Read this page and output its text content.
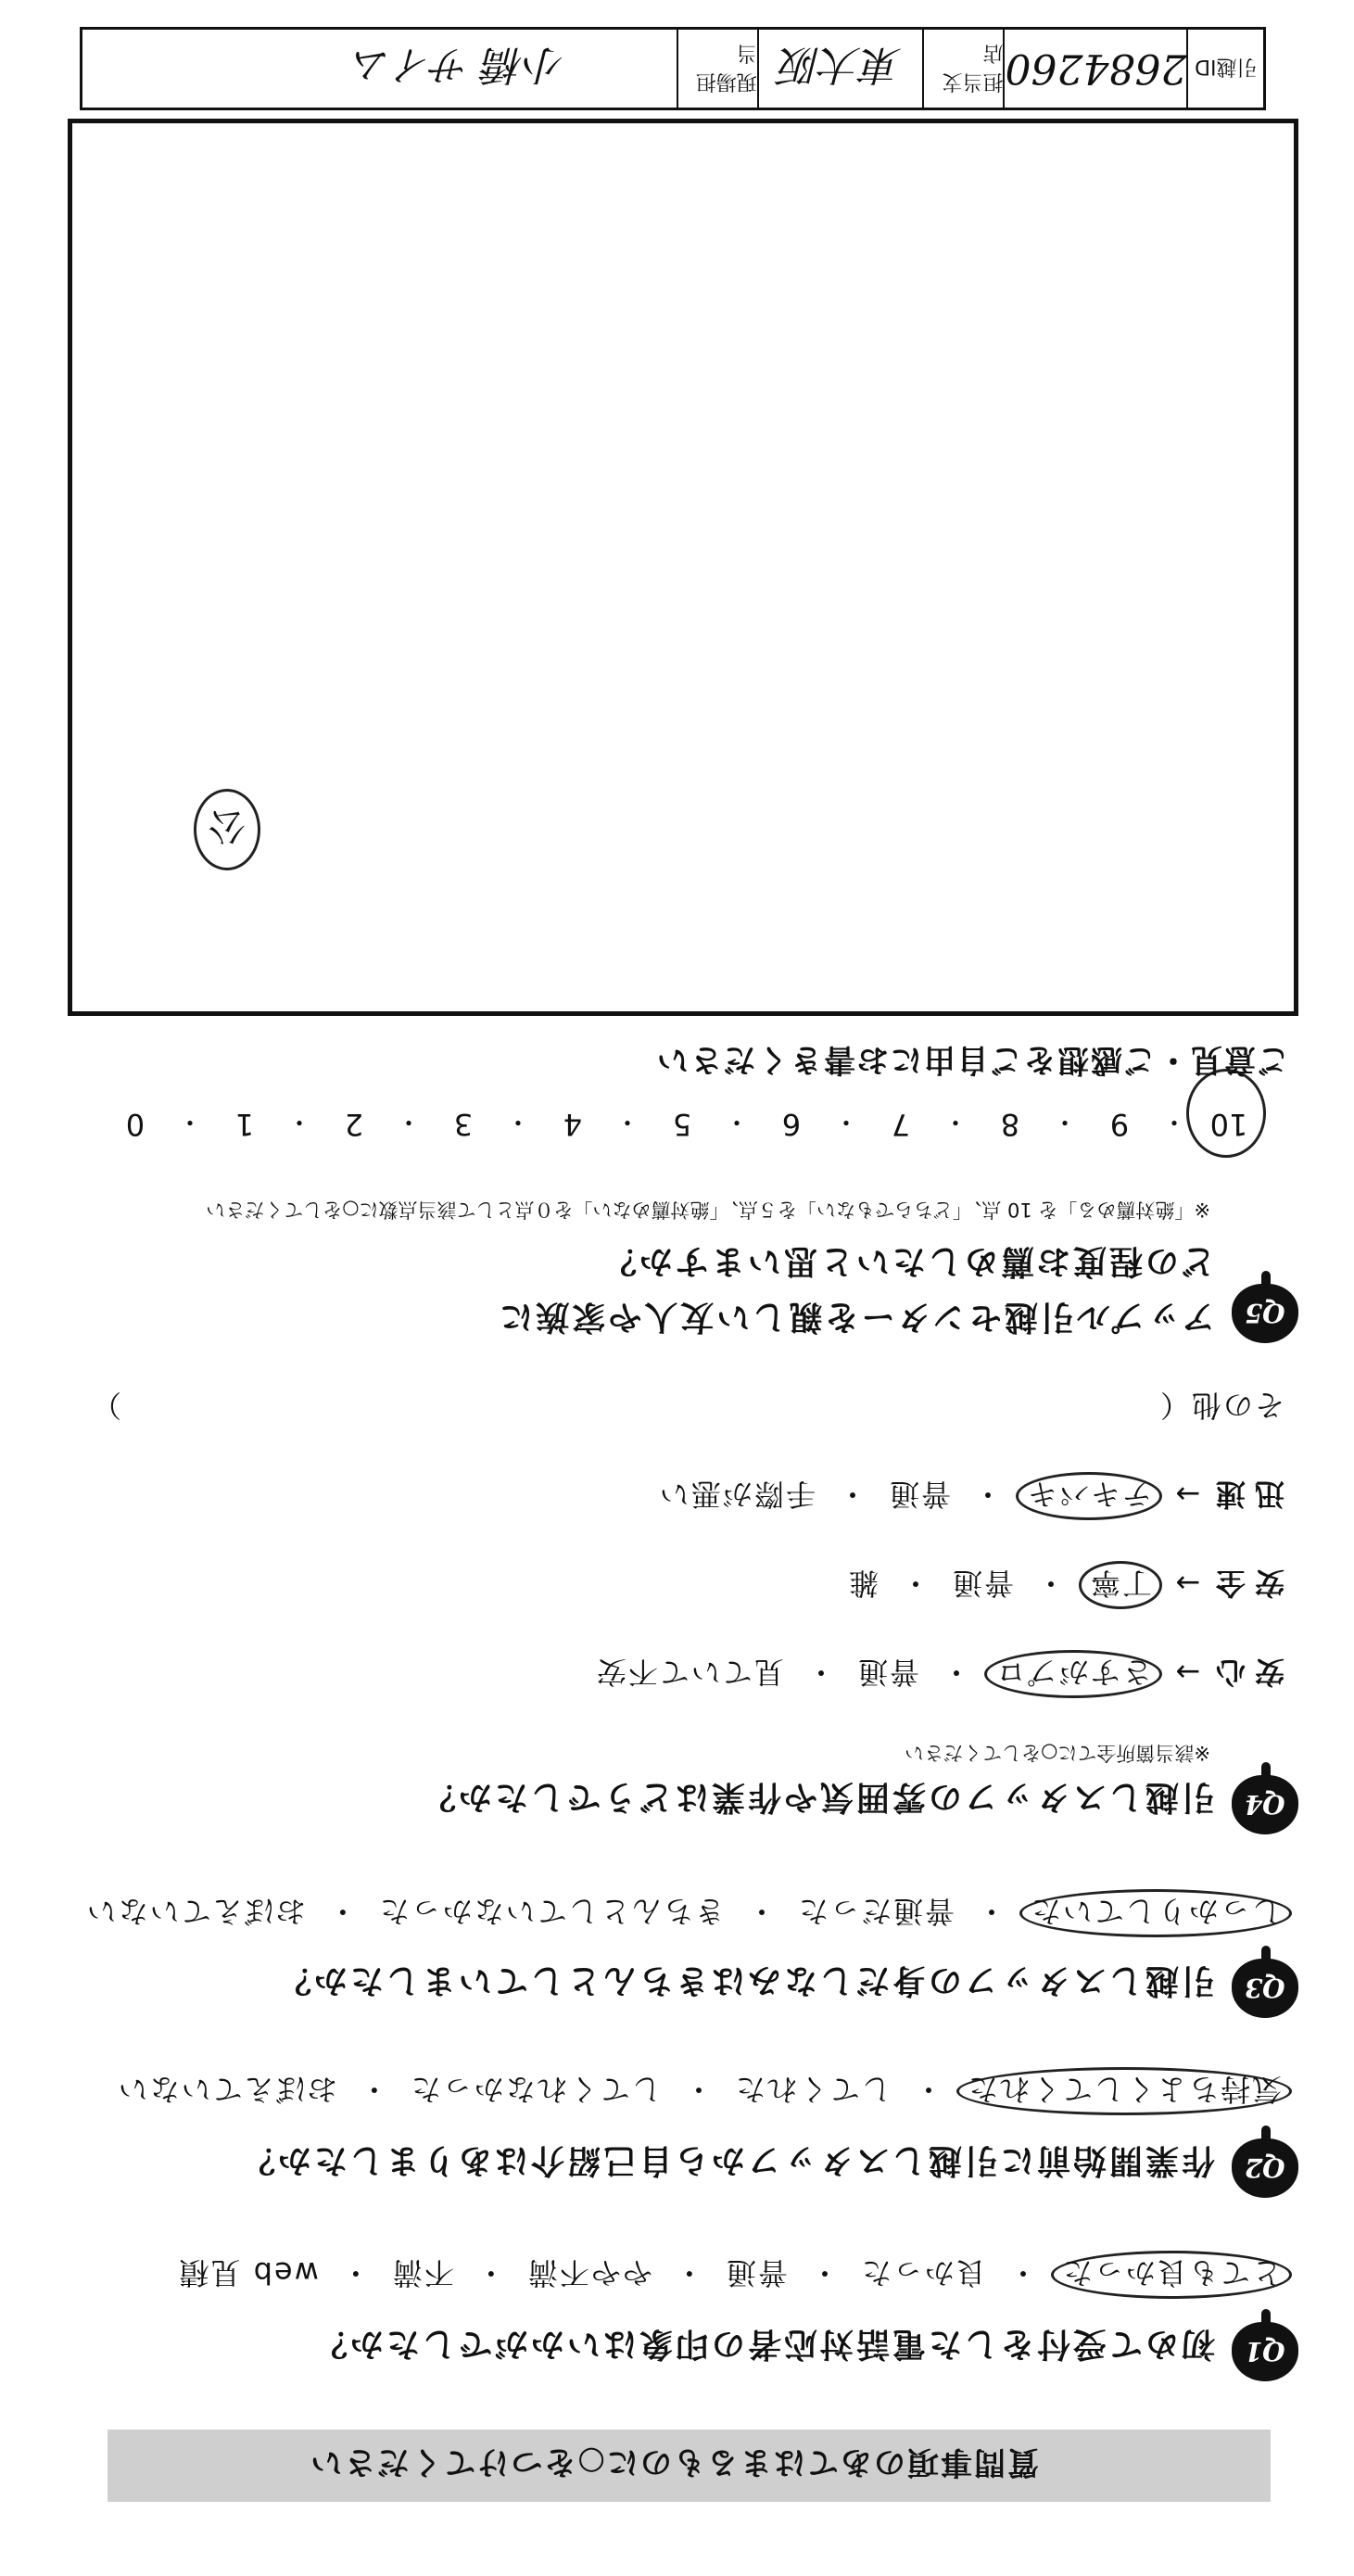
質問事項のあてはまるものに○をつけてください
Q1
初めて受付をした電話対応者の印象はいかがでしたか？
とても良かった・良かった・普通・やや不満・不満・web 見積
Q2
作業開始前に引越しスタッフから自己紹介はありましたか？
気持ちよくしてくれた・してくれた・してくれなかった・おぼえていない
Q3
引越しスタッフの身だしなみはきちんとしていましたか？
しっかりしていた・普通だった・きちんとしていなかった・おぼえていない
Q4
引越しスタッフの雰囲気や作業はどうでしたか？
※該当箇所全てに○をしてください
安心→さすがプロ・普通・見ていて不安
安全→丁寧・普通・雑
迅速→テキパキ・普通・手際が悪い
その他（
）
Q5
アップル引越センターを親しい友人や家族に
どの程度お薦めしたいと思いますか？
※「絶対薦める」を 10 点、「どちらでもない」を５点、「絶対薦めない」を０点として該当点数に○をしてください
10
・
9
・
8
・
7
・
6
・
5
・
4
・
3
・
2
・
1
・
0
ご意見・ご感想をご自由にお書きください
公
引越ID
2684260
担当支店
東大阪
現場担当
小橋 サイム
